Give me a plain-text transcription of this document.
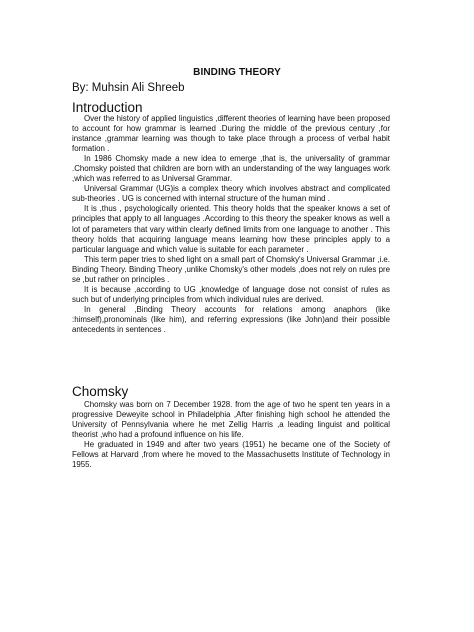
BINDING THEORY
By: Muhsin Ali Shreeb
Introduction

Over the history of applied linguistics ,different theories of learning have been proposed to account for how grammar is learned .During the middle of the previous century ,for instance ,grammar learning was though to take place through a process of verbal habit formation .

In 1986 Chomsky made a new idea to emerge ,that is, the universality of grammar .Chomsky poisted that children are born with an understanding of the way languages work ,which was referred to as Universal Grammar.

Universal Grammar (UG)is a complex theory which involves abstract and complicated sub-theories . UG is concerned with internal structure of the human mind .

It is ,thus , psychologically oriented. This theory holds that the speaker knows a set of principles that apply to all languages .According to this theory the speaker knows as well a lot of parameters that vary within clearly defined limits from one language to another . This theory holds that acquiring language means learning how these principles apply to a particular language and which value is suitable for each parameter .

This term paper tries to shed light on a small part of Chomsky's Universal Grammar ,i.e. Binding Theory. Binding Theory ,unlike Chomsky's other models ,does not rely on rules pre se ,but rather on principles .

It is because ,according to UG ,knowledge of language dose not consist of rules as such but of underlying principles from which individual rules are derived.

In general ,Binding Theory accounts for relations among anaphors (like :himself),pronominals (like him), and referring expressions (like John)and their possible antecedents in sentences .

Chomsky

Chomsky was born on 7 December 1928. from the age of two he spent ten years in a progressive Deweyite school in Philadelphia ,After finishing high school he attended the University of Pennsylvania where he met Zellig Harris ,a leading linguist and political theorist ,who had a profound influence on his life.

He graduated in 1949 and after two years (1951) he became one of the Society of Fellows at Harvard ,from where he moved to the Massachusetts Institute of Technology in 1955.
